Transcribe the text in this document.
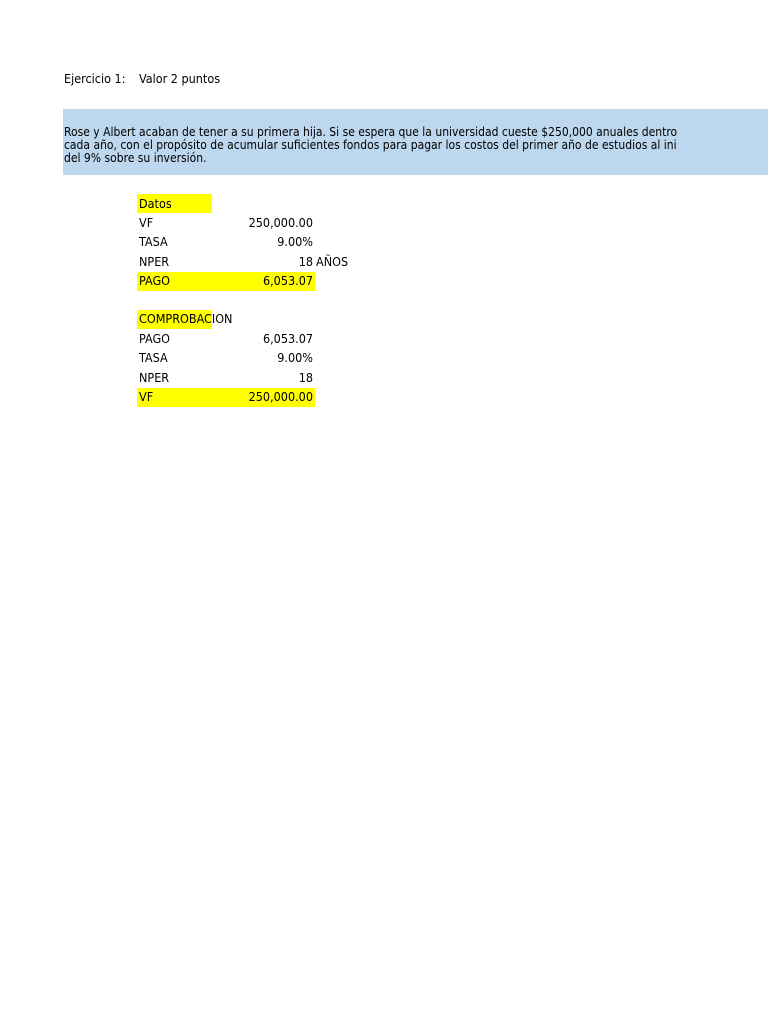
Ejercicio 1: Valor 2 puntos
Rose y Albert acaban de tener a su primera hija. Si se espera que la universidad cueste $250,000 anuales dentro
cada año, con el propósito de acumular suficientes fondos para pagar los costos del primer año de estudios al ini
del 9% sobre su inversión.
Datos
VF	250,000.00
TASA	9.00%
NPER	18 AÑOS
PAGO	6,053.07
COMPROBACION
PAGO	6,053.07
TASA	9.00%
NPER	18
VF	250,000.00
